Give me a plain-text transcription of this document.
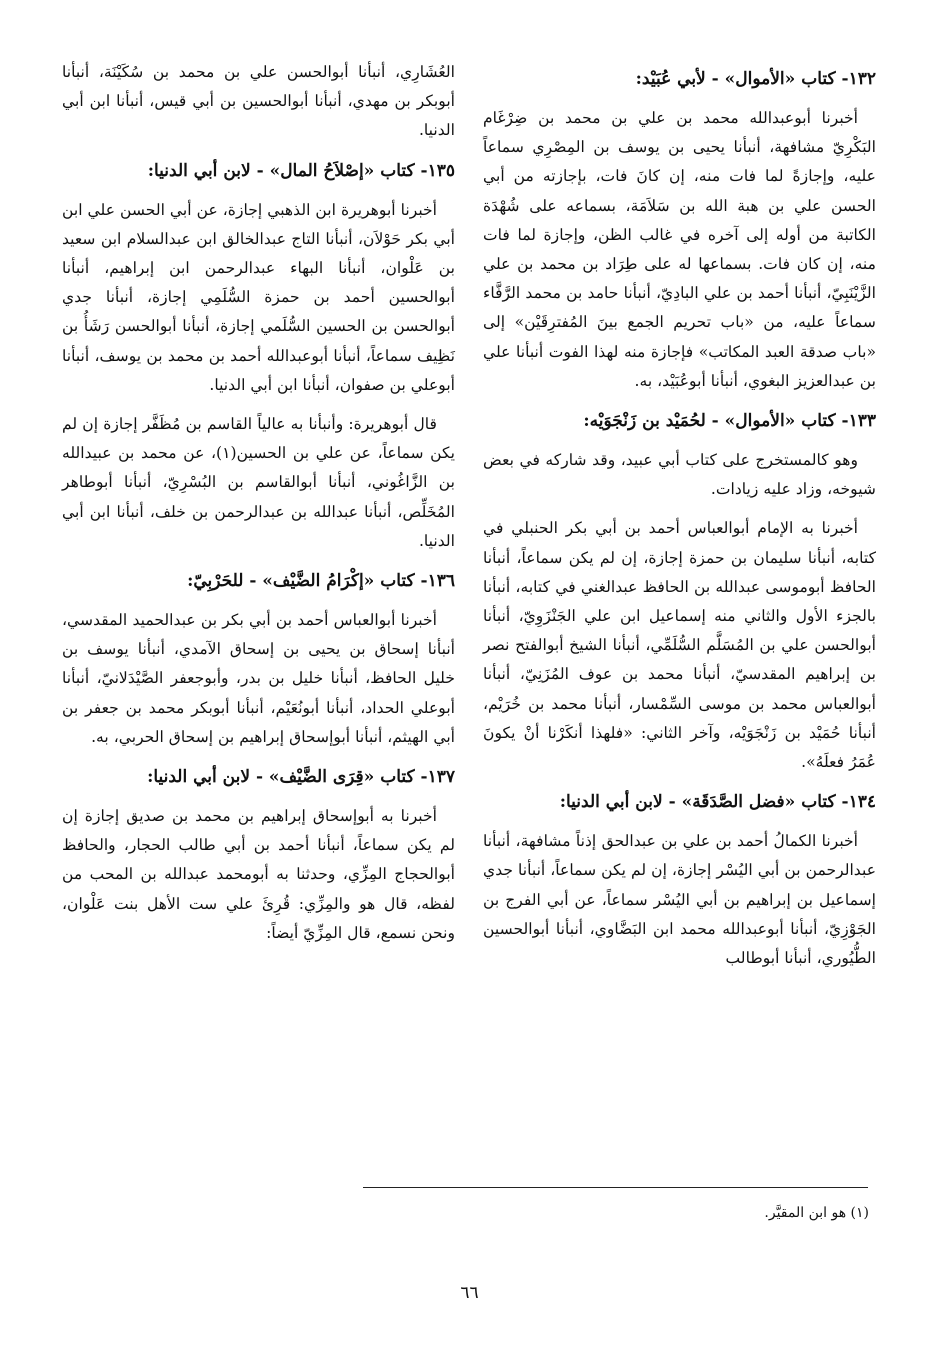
١٣٢- كتاب «الأموال» - لأبي عُبَيْد:

أخبرنا أبوعبدالله محمد بن علي بن محمد بن ضِرْغَام البَكْرِيّ مشافهة، أنبأنا يحيى بن يوسف بن المِصْرِي سماعاً عليه، وإجازةً لما فات منه، إن كانَ فات، بإجازته من أبي الحسن علي بن هبة الله بن سَلاَمَة، بسماعه على شُهْدَة الكاتبة من أوله إلى آخره في غالب الظن، وإجازة لما فات منه، إن كان فات. بسماعها له على طِرَاد بن محمد بن علي الزَّيْنَبِيّ، أنبأنا أحمد بن علي البادِيّ، أنبأنا حامد بن محمد الرَّفَّاء سماعاً عليه، من «باب تحريم الجمع بينَ المُفترِقَيْن» إلى «باب صدقة العبد المكاتب» فإجازة منه لهذا الفوت أنبأنا علي بن عبدالعزيز البغوي، أنبأنا أبوعُبَيْد، به.

١٣٣- كتاب «الأموال» - لحُمَيْد بن زَنْجَوَيْه:

وهو كالمستخرج على كتاب أبي عبيد، وقد شاركه في بعض شيوخه، وزاد عليه زيادات.

أخبرنا به الإمام أبوالعباس أحمد بن أبي بكر الحنبلي في كتابه، أنبأنا سليمان بن حمزة إجازة، إن لم يكن سماعاً، أنبأنا الحافظ أبوموسى عبدالله بن الحافظ عبدالغني في كتابه، أنبأنا بالجزء الأول والثاني منه إسماعيل ابن علي الجَنْزَوِيّ، أنبأنا أبوالحسن علي بن المُسَلَّم السُّلَمِّي، أنبأنا الشيخ أبوالفتح نصر بن إبراهيم المقدسيّ، أنبأنا محمد بن عوف المُزَنِيّ، أنبأنا أبوالعباس محمد بن موسى السِّمْسار، أنبأنا محمد بن خُرَيْم، أنبأنا حُمَيْد بن زَنْجَوَيْه، وآخر الثاني: «فلهذا أنكَرْنا أنْ يكونَ عُمَرُ فعلَهُ».

١٣٤- كتاب «فضل الصَّدَقَة» - لابن أبي الدنيا:

أخبرنا الكمالُ أحمد بن علي بن عبدالحق إذناً مشافهة، أنبأنا عبدالرحمن بن أبي اليُسْر إجازة، إن لم يكن سماعاً، أنبأنا جدي إسماعيل بن إبراهيم بن أبي اليُسْر سماعاً، عن أبي الفرج بن الجَوْزِيّ، أنبأنا أبوعبدالله محمد ابن البَضَّاوي، أنبأنا أبوالحسين الطُّيُوري، أنبأنا أبوطالب

العُشَارِي، أنبأنا أبوالحسن علي بن محمد بن سُكَيْنَة، أنبأنا أبوبكر بن مهدي، أنبأنا أبوالحسين بن أبي قيس، أنبأنا ابن أبي الدنيا.

١٣٥- كتاب «إصْلاَحُ المال» - لابن أبي الدنيا:

أخبرنا أبوهريرة ابن الذهبي إجازة، عن أبي الحسن علي ابن أبي بكر حَوْلاَن، أنبأنا التاج عبدالخالق ابن عبدالسلام ابن سعيد بن عَلْوان، أنبأنا البهاء عبدالرحمن ابن إبراهيم، أنبأنا أبوالحسين أحمد بن حمزة السُّلَمِي إجازة، أنبأنا جدي أبوالحسن بن الحسين السُّلَمي إجازة، أنبأنا أبوالحسن رَشَأُ بن نَظِيف سماعاً، أنبأنا أبوعبدالله أحمد بن محمد بن يوسف، أنبأنا أبوعلي بن صفوان، أنبأنا ابن أبي الدنيا.

قال أبوهريرة: وأنبأنا به عالياً القاسم بن مُظَفَّر إجازة إن لم يكن سماعاً، عن علي بن الحسين(١)، عن محمد بن عبيدالله بن الزَّاغُوني، أنبأنا أبوالقاسم بن البُسْرِيّ، أنبأنا أبوطاهر المُخَلِّص، أنبأنا عبدالله بن عبدالرحمن بن خلف، أنبأنا ابن أبي الدنيا.

١٣٦- كتاب «إكْرَامُ الضَّيْف» - للحَرْبِيّ:

أخبرنا أبوالعباس أحمد بن أبي بكر بن عبدالحميد المقدسي، أنبأنا إسحاق بن يحيى بن إسحاق الآمدي، أنبأنا يوسف بن خليل الحافظ، أنبأنا خليل بن بدر، وأبوجعفر الصَّيْدَلانيّ، أنبأنا أبوعلي الحداد، أنبأنا أبونُعَيْم، أنبأنا أبوبكر محمد بن جعفر بن أبي الهيثم، أنبأنا أبوإسحاق إبراهيم بن إسحاق الحربي، به.

١٣٧- كتاب «قِرَى الضَّيْف» - لابن أبي الدنيا:

أخبرنا به أبوإسحاق إبراهيم بن محمد بن صديق إجازة إن لم يكن سماعاً، أنبأنا أحمد بن أبي طالب الحجار، والحافظ أبوالحجاج المِزِّي، وحدثنا به أبومحمد عبدالله بن المحب من لفظه، قال هو والمِزِّي: قُرِئَ علي ست الأهل بنت عَلْوان، ونحن نسمع، قال المِزِّيّ أيضاً:

(١) هو ابن المقيَّر.
٦٦
